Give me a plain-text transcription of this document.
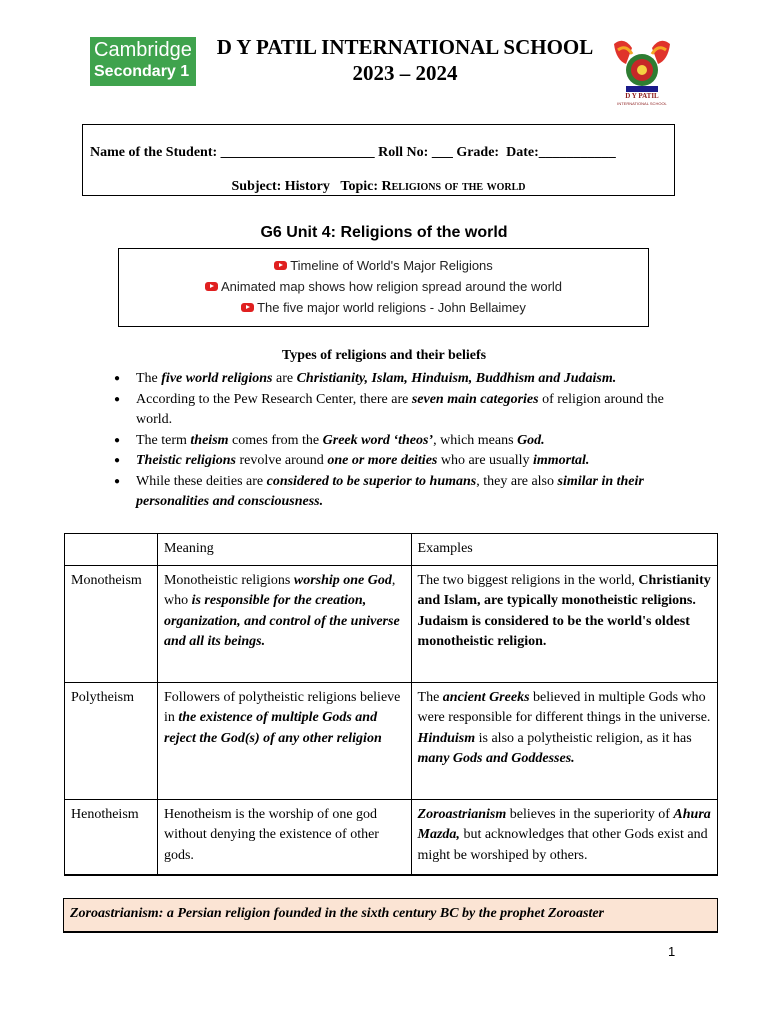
Cambridge
Secondary 1
D Y PATIL INTERNATIONAL SCHOOL
2023 – 2024
D Y PATIL
INTERNATIONAL SCHOOL
Name of the Student: ______________________ Roll No: ___ Grade: Date:___________
Subject: History Topic: Religions of the world
G6 Unit 4: Religions of the world
Timeline of World's Major Religions
Animated map shows how religion spread around the world
The five major world religions - John Bellaimey
Types of religions and their beliefs
● The five world religions are Christianity, Islam, Hinduism, Buddhism and Judaism.
● According to the Pew Research Center, there are seven main categories of religion around the world.
● The term theism comes from the Greek word ‘theos’, which means God.
● Theistic religions revolve around one or more deities who are usually immortal.
● While these deities are considered to be superior to humans, they are also similar in their personalities and consciousness.
	Meaning	Examples
Monotheism	Monotheistic religions worship one God, who is responsible for the creation, organization, and control of the universe and all its beings.	The two biggest religions in the world, Christianity and Islam, are typically monotheistic religions.
Judaism is considered to be the world's oldest monotheistic religion.
Polytheism	Followers of polytheistic religions believe in the existence of multiple Gods and reject the God(s) of any other religion	The ancient Greeks believed in multiple Gods who were responsible for different things in the universe.
Hinduism is also a polytheistic religion, as it has many Gods and Goddesses.
Henotheism	Henotheism is the worship of one god without denying the existence of other gods.	Zoroastrianism believes in the superiority of Ahura Mazda, but acknowledges that other Gods exist and might be worshiped by others.
Zoroastrianism: a Persian religion founded in the sixth century BC by the prophet Zoroaster
1
